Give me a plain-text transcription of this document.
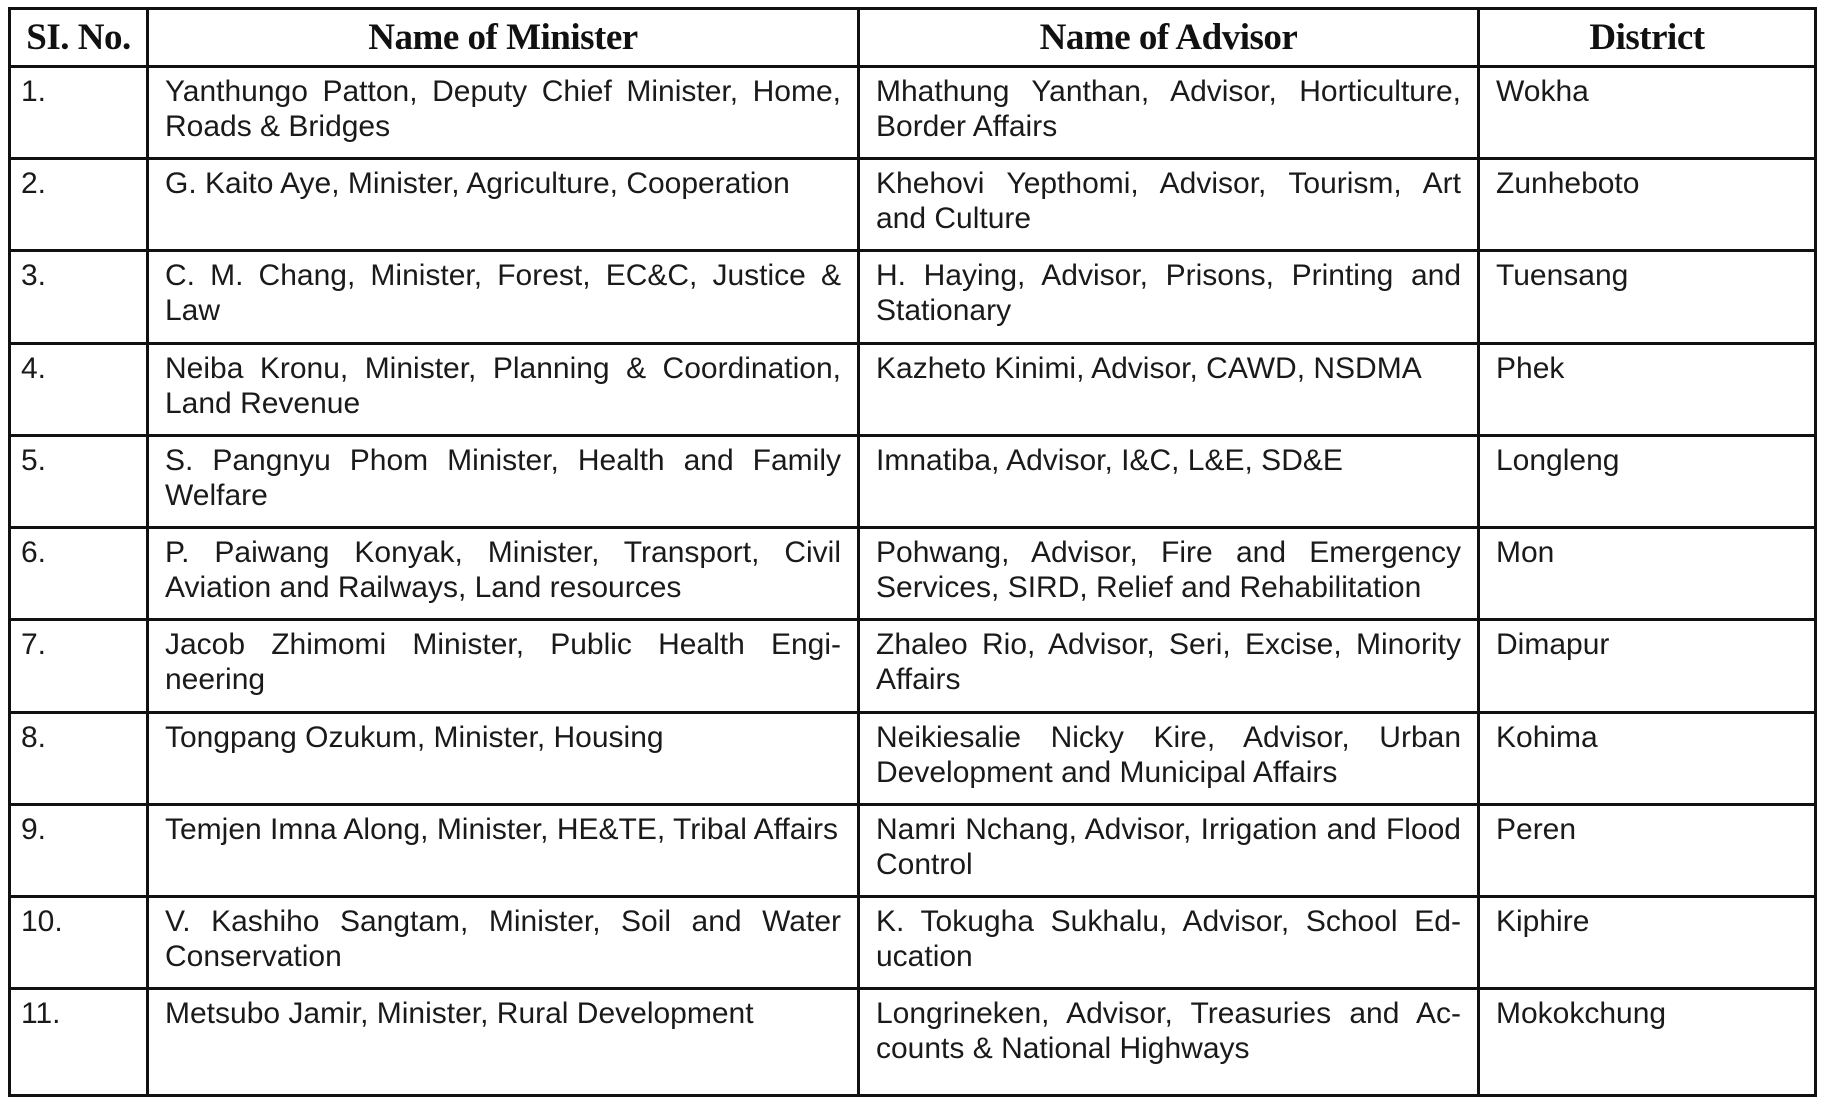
SI. No.	Name of Minister	Name of Advisor	District
1.	Yanthungo Patton, Deputy Chief Minister, Home, Roads & Bridges	Mhathung Yanthan, Advisor, Horticulture, Border Affairs	Wokha
2.	G. Kaito Aye, Minister, Agriculture, Cooperation	Khehovi Yepthomi, Advisor, Tourism, Art and Culture	Zunheboto
3.	C. M. Chang, Minister, Forest, EC&C, Justice & Law	H. Haying, Advisor, Prisons, Printing and Stationary	Tuensang
4.	Neiba Kronu, Minister, Planning & Coordination, Land Revenue	Kazheto Kinimi, Advisor, CAWD, NSDMA	Phek
5.	S. Pangnyu Phom Minister, Health and Family Welfare	Imnatiba, Advisor, I&C, L&E, SD&E	Longleng
6.	P. Paiwang Konyak, Minister, Transport, Civil Aviation and Railways, Land resources	Pohwang, Advisor, Fire and Emergency Services, SIRD, Relief and Rehabilitation	Mon
7.	Jacob Zhimomi Minister, Public Health Engineering	Zhaleo Rio, Advisor, Seri, Excise, Minority Affairs	Dimapur
8.	Tongpang Ozukum, Minister, Housing	Neikiesalie Nicky Kire, Advisor, Urban Development and Municipal Affairs	Kohima
9.	Temjen Imna Along, Minister, HE&TE, Tribal Affairs	Namri Nchang, Advisor, Irrigation and Flood Control	Peren
10.	V. Kashiho Sangtam, Minister, Soil and Water Conservation	K. Tokugha Sukhalu, Advisor, School Education	Kiphire
11.	Metsubo Jamir, Minister, Rural Development	Longrineken, Advisor, Treasuries and Accounts & National Highways	Mokokchung
